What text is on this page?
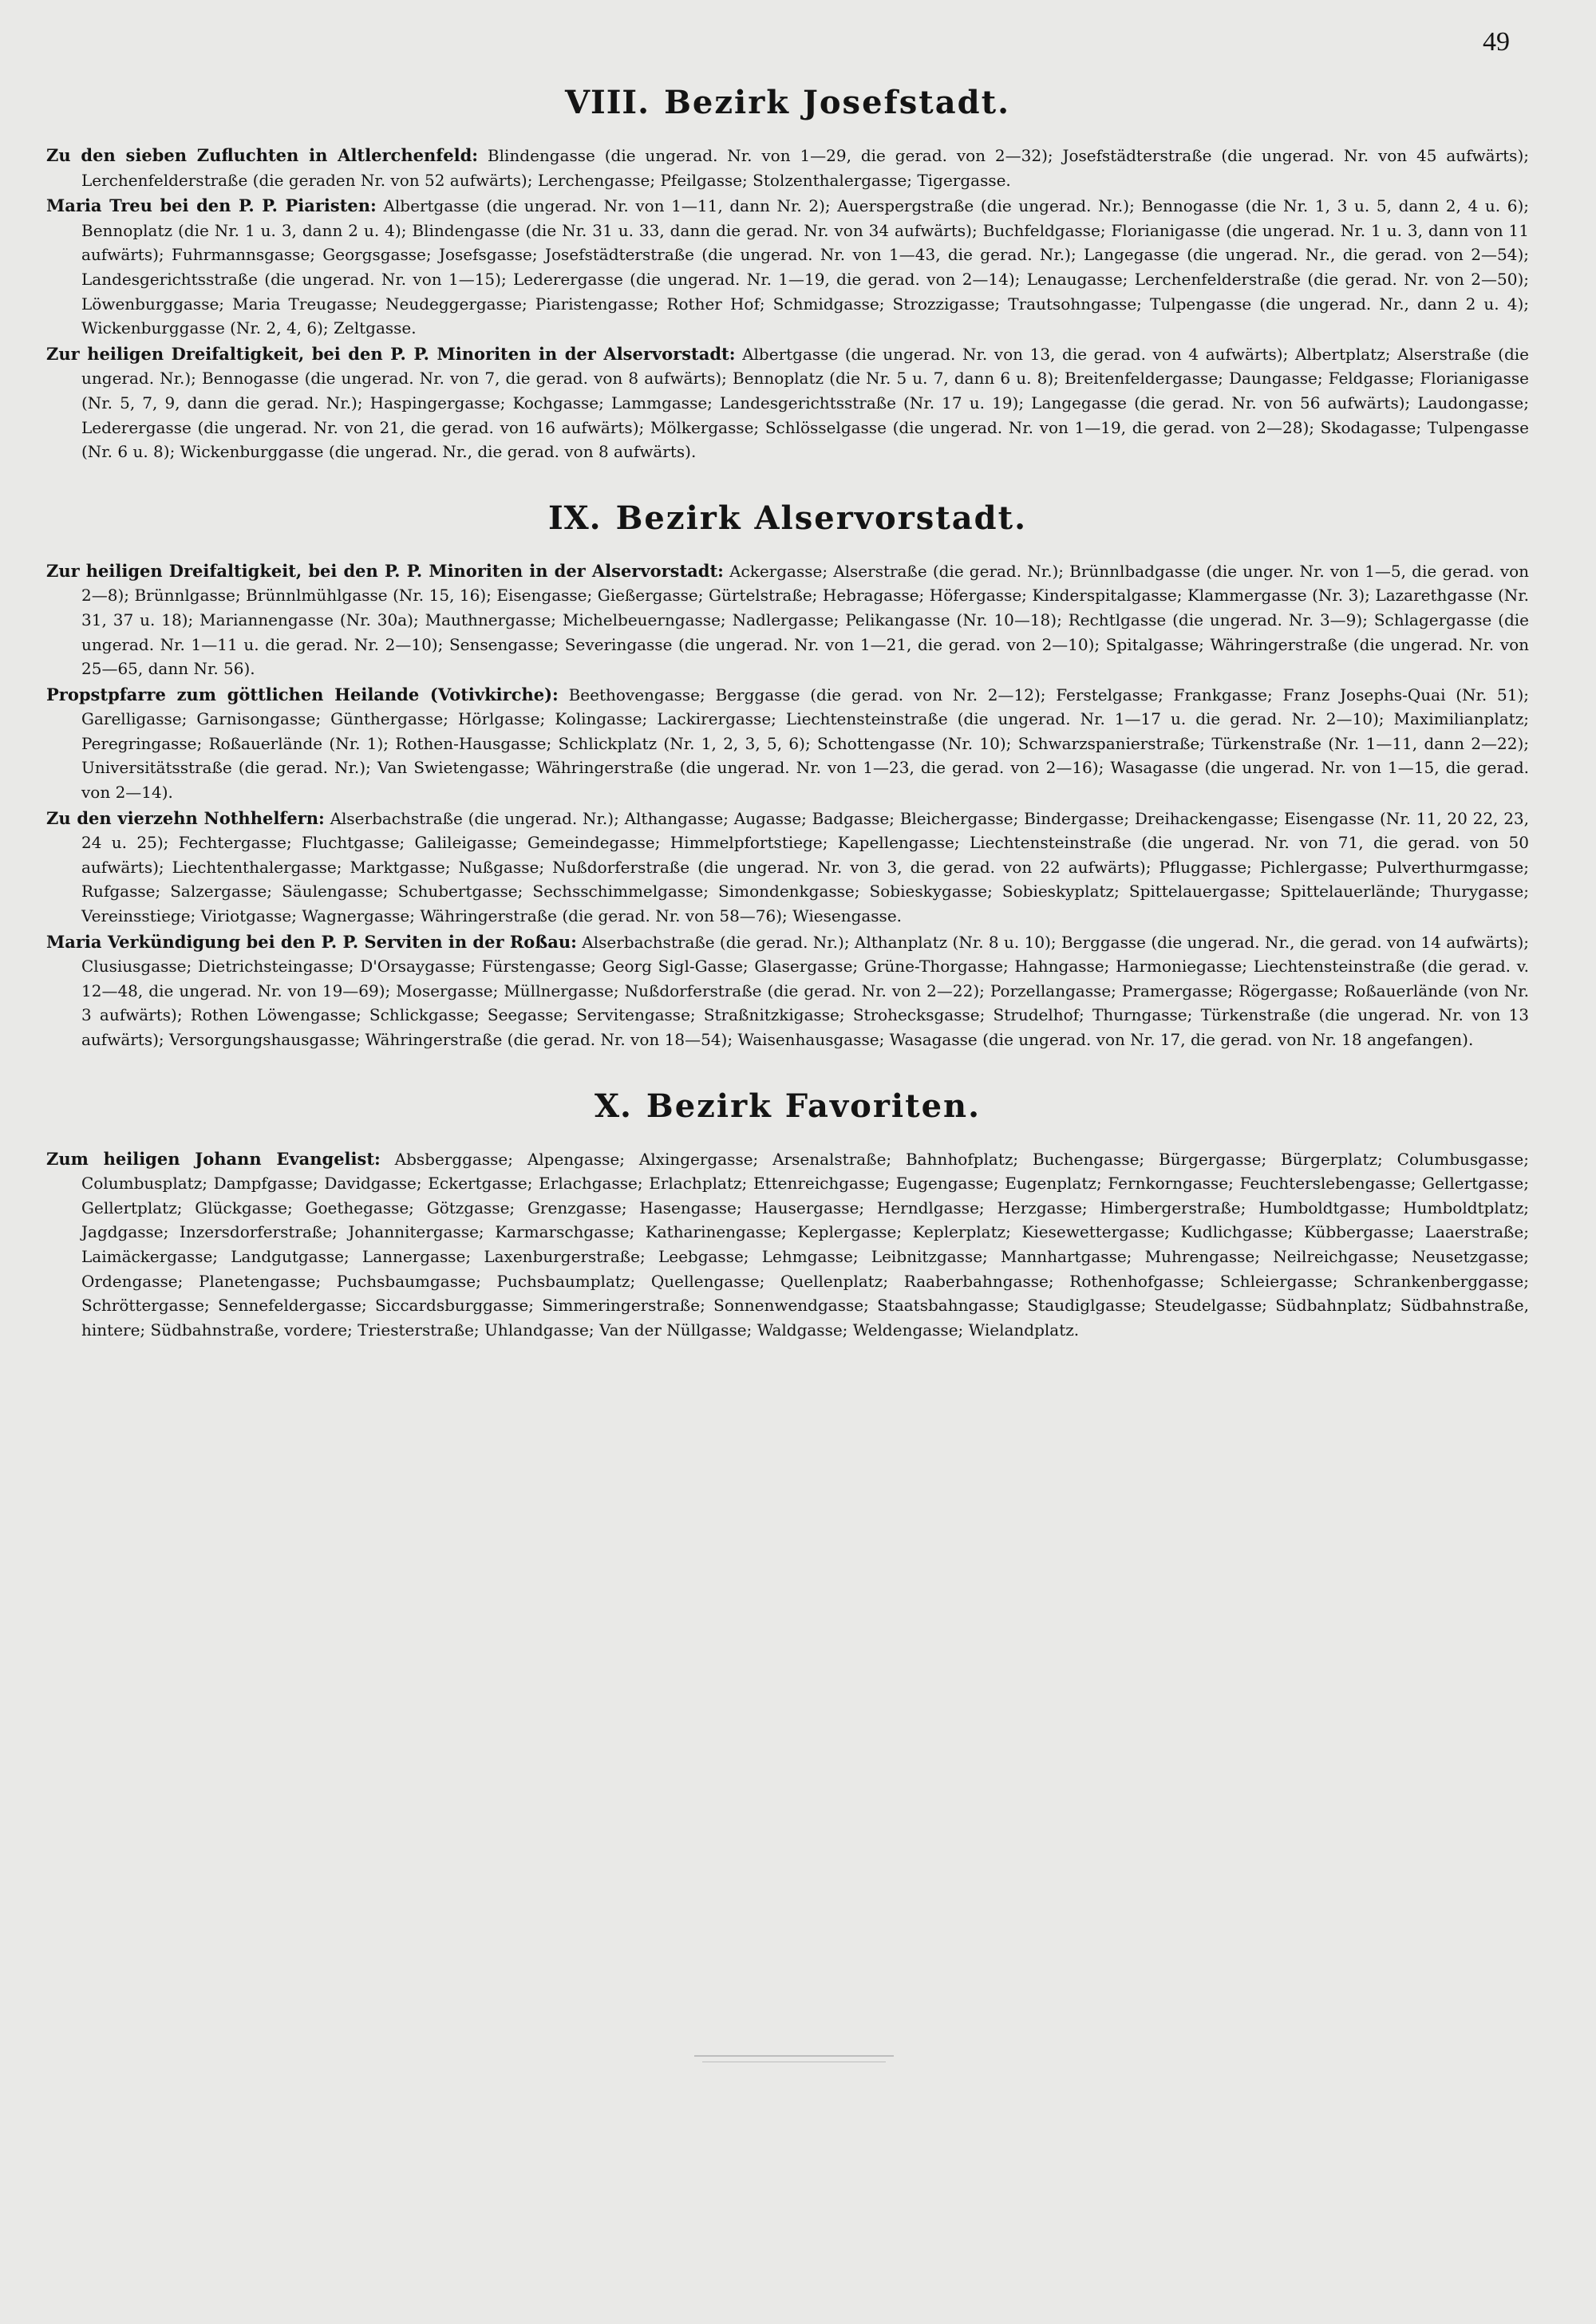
49
VIII. Bezirk Josefstadt.

Zu den sieben Zufluchten in Altlerchenfeld: Blindengasse (die ungerad. Nr. von 1—29, die gerad. von 2—32); Josefstädterstraße (die ungerad. Nr. von 45 aufwärts); Lerchenfelderstraße (die geraden Nr. von 52 aufwärts); Lerchengasse; Pfeilgasse; Stolzenthalergasse; Tigergasse.

Maria Treu bei den P. P. Piaristen: Albertgasse (die ungerad. Nr. von 1—11, dann Nr. 2); Auerspergstraße (die ungerad. Nr.); Bennogasse (die Nr. 1, 3 u. 5, dann 2, 4 u. 6); Bennoplatz (die Nr. 1 u. 3, dann 2 u. 4); Blindengasse (die Nr. 31 u. 33, dann die gerad. Nr. von 34 aufwärts); Buchfeldgasse; Florianigasse (die ungerad. Nr. 1 u. 3, dann von 11 aufwärts); Fuhrmannsgasse; Georgsgasse; Josefsgasse; Josefstädterstraße (die ungerad. Nr. von 1—43, die gerad. Nr.); Langegasse (die ungerad. Nr., die gerad. von 2—54); Landesgerichtsstraße (die ungerad. Nr. von 1—15); Lederergasse (die ungerad. Nr. 1—19, die gerad. von 2—14); Lenaugasse; Lerchenfelderstraße (die gerad. Nr. von 2—50); Löwenburggasse; Maria Treugasse; Neudeggergasse; Piaristengasse; Rother Hof; Schmidgasse; Strozzigasse; Trautsohngasse; Tulpengasse (die ungerad. Nr., dann 2 u. 4); Wickenburggasse (Nr. 2, 4, 6); Zeltgasse.

Zur heiligen Dreifaltigkeit, bei den P. P. Minoriten in der Alservorstadt: Albertgasse (die ungerad. Nr. von 13, die gerad. von 4 aufwärts); Albertplatz; Alserstraße (die ungerad. Nr.); Bennogasse (die ungerad. Nr. von 7, die gerad. von 8 aufwärts); Bennoplatz (die Nr. 5 u. 7, dann 6 u. 8); Breitenfeldergasse; Daungasse; Feldgasse; Florianigasse (Nr. 5, 7, 9, dann die gerad. Nr.); Haspingergasse; Kochgasse; Lammgasse; Landesgerichtsstraße (Nr. 17 u. 19); Langegasse (die gerad. Nr. von 56 aufwärts); Laudongasse; Lederergasse (die ungerad. Nr. von 21, die gerad. von 16 aufwärts); Mölkergasse; Schlösselgasse (die ungerad. Nr. von 1—19, die gerad. von 2—28); Skodagasse; Tulpengasse (Nr. 6 u. 8); Wickenburggasse (die ungerad. Nr., die gerad. von 8 aufwärts).

IX. Bezirk Alservorstadt.

Zur heiligen Dreifaltigkeit, bei den P. P. Minoriten in der Alservorstadt: Ackergasse; Alserstraße (die gerad. Nr.); Brünnlbadgasse (die unger. Nr. von 1—5, die gerad. von 2—8); Brünnlgasse; Brünnlmühlgasse (Nr. 15, 16); Eisengasse; Gießergasse; Gürtelstraße; Hebragasse; Höfergasse; Kinderspitalgasse; Klammergasse (Nr. 3); Lazarethgasse (Nr. 31, 37 u. 18); Mariannengasse (Nr. 30a); Mauthnergasse; Michelbeuerngasse; Nadlergasse; Pelikangasse (Nr. 10—18); Rechtlgasse (die ungerad. Nr. 3—9); Schlagergasse (die ungerad. Nr. 1—11 u. die gerad. Nr. 2—10); Sensengasse; Severingasse (die ungerad. Nr. von 1—21, die gerad. von 2—10); Spitalgasse; Währingerstraße (die ungerad. Nr. von 25—65, dann Nr. 56).

Propstpfarre zum göttlichen Heilande (Votivkirche): Beethovengasse; Berggasse (die gerad. von Nr. 2—12); Ferstelgasse; Frankgasse; Franz Josephs-Quai (Nr. 51); Garelligasse; Garnisongasse; Günthergasse; Hörlgasse; Kolingasse; Lackirergasse; Liechtensteinstraße (die ungerad. Nr. 1—17 u. die gerad. Nr. 2—10); Maximilianplatz; Peregringasse; Roßauerlände (Nr. 1); Rothen-Hausgasse; Schlickplatz (Nr. 1, 2, 3, 5, 6); Schottengasse (Nr. 10); Schwarzspanierstraße; Türkenstraße (Nr. 1—11, dann 2—22); Universitätsstraße (die gerad. Nr.); Van Swietengasse; Währingerstraße (die ungerad. Nr. von 1—23, die gerad. von 2—16); Wasagasse (die ungerad. Nr. von 1—15, die gerad. von 2—14).

Zu den vierzehn Nothhelfern: Alserbachstraße (die ungerad. Nr.); Althangasse; Augasse; Badgasse; Bleichergasse; Bindergasse; Dreihackengasse; Eisengasse (Nr. 11, 20 22, 23, 24 u. 25); Fechtergasse; Fluchtgasse; Galileigasse; Gemeindegasse; Himmelpfortstiege; Kapellengasse; Liechtensteinstraße (die ungerad. Nr. von 71, die gerad. von 50 aufwärts); Liechtenthalergasse; Marktgasse; Nußgasse; Nußdorferstraße (die ungerad. Nr. von 3, die gerad. von 22 aufwärts); Pfluggasse; Pichlergasse; Pulverthurmgasse; Rufgasse; Salzergasse; Säulengasse; Schubertgasse; Sechsschimmelgasse; Simondenkgasse; Sobieskygasse; Sobieskyplatz; Spittelauergasse; Spittelauerlände; Thurygasse; Vereinsstiege; Viriotgasse; Wagnergasse; Währingerstraße (die gerad. Nr. von 58—76); Wiesengasse.

Maria Verkündigung bei den P. P. Serviten in der Roßau: Alserbachstraße (die gerad. Nr.); Althanplatz (Nr. 8 u. 10); Berggasse (die ungerad. Nr., die gerad. von 14 aufwärts); Clusiusgasse; Dietrichsteingasse; D'Orsaygasse; Fürstengasse; Georg Sigl-Gasse; Glasergasse; Grüne-Thorgasse; Hahngasse; Harmoniegasse; Liechtensteinstraße (die gerad. v. 12—48, die ungerad. Nr. von 19—69); Mosergasse; Müllnergasse; Nußdorferstraße (die gerad. Nr. von 2—22); Porzellangasse; Pramergasse; Rögergasse; Roßauerlände (von Nr. 3 aufwärts); Rothen Löwengasse; Schlickgasse; Seegasse; Servitengasse; Straßnitzkigasse; Strohecksgasse; Strudelhof; Thurngasse; Türkenstraße (die ungerad. Nr. von 13 aufwärts); Versorgungshausgasse; Währingerstraße (die gerad. Nr. von 18—54); Waisenhausgasse; Wasagasse (die ungerad. von Nr. 17, die gerad. von Nr. 18 angefangen).

X. Bezirk Favoriten.

Zum heiligen Johann Evangelist: Absberggasse; Alpengasse; Alxingergasse; Arsenalstraße; Bahnhofplatz; Buchengasse; Bürgergasse; Bürgerplatz; Columbusgasse; Columbusplatz; Dampfgasse; Davidgasse; Eckertgasse; Erlachgasse; Erlachplatz; Ettenreichgasse; Eugengasse; Eugenplatz; Fernkorngasse; Feuchterslebengasse; Gellertgasse; Gellertplatz; Glückgasse; Goethegasse; Götzgasse; Grenzgasse; Hasengasse; Hausergasse; Herndlgasse; Herzgasse; Himbergerstraße; Humboldtgasse; Humboldtplatz; Jagdgasse; Inzersdorferstraße; Johannitergasse; Karmarschgasse; Katharinengasse; Keplergasse; Keplerplatz; Kiesewettergasse; Kudlichgasse; Kübbergasse; Laaerstraße; Laimäckergasse; Landgutgasse; Lannergasse; Laxenburgerstraße; Leebgasse; Lehmgasse; Leibnitzgasse; Mannhartgasse; Muhrengasse; Neilreichgasse; Neusetzgasse; Ordengasse; Planetengasse; Puchsbaumgasse; Puchsbaumplatz; Quellengasse; Quellenplatz; Raaberbahngasse; Rothenhofgasse; Schleiergasse; Schrankenberggasse; Schröttergasse; Sennefeldergasse; Siccardsburggasse; Simmeringerstraße; Sonnenwendgasse; Staatsbahngasse; Staudiglgasse; Steudelgasse; Südbahnplatz; Südbahnstraße, hintere; Südbahnstraße, vordere; Triesterstraße; Uhlandgasse; Van der Nüllgasse; Waldgasse; Weldengasse; Wielandplatz.
